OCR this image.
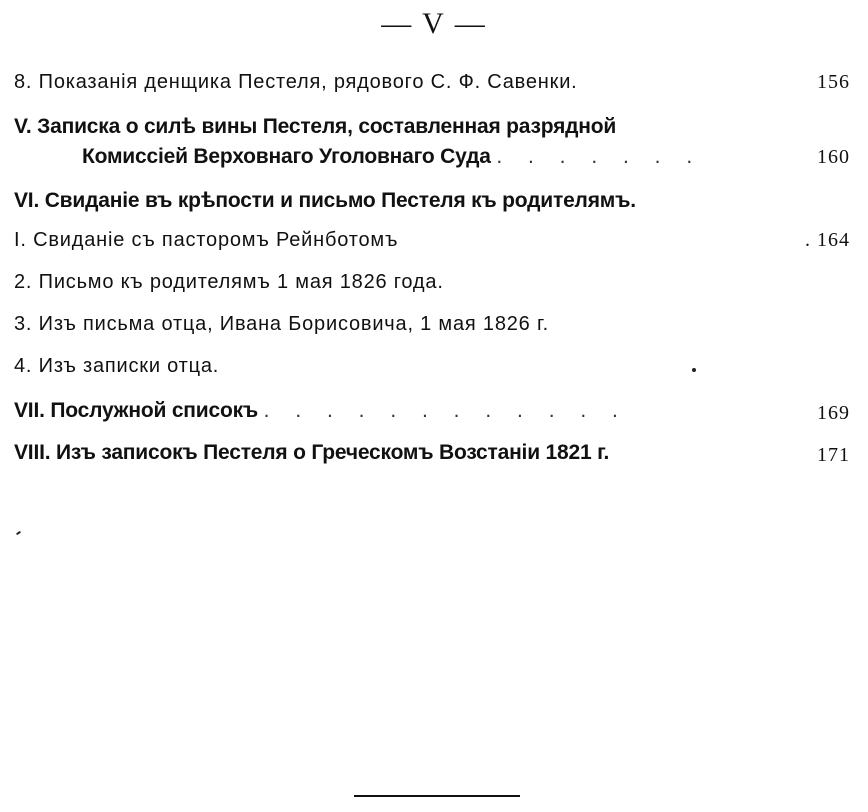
— V —
8. Показанія денщика Пестеля, рядового С. Ф. Савенки.	156
V. Записка о силѣ вины Пестеля, составленная разрядной
Комиссiей Верховнаго Уголовнаго Суда . . . . . . .	160
VI. Свиданіе въ крѣпости и письмо Пестеля къ родителямъ.
I. Свиданіе съ пасторомъ Рейнботомъ	. 164
2. Письмо къ родителямъ 1 мая 1826 года.
3. Изъ письма отца, Ивана Борисовича, 1 мая 1826 г.
4. Изъ записки отца.
VII. Послужной списокъ . . . . . . . . . . . .	169
VIII. Изъ записокъ Пестеля о Греческомъ Возстаніи 1821 г.	171
